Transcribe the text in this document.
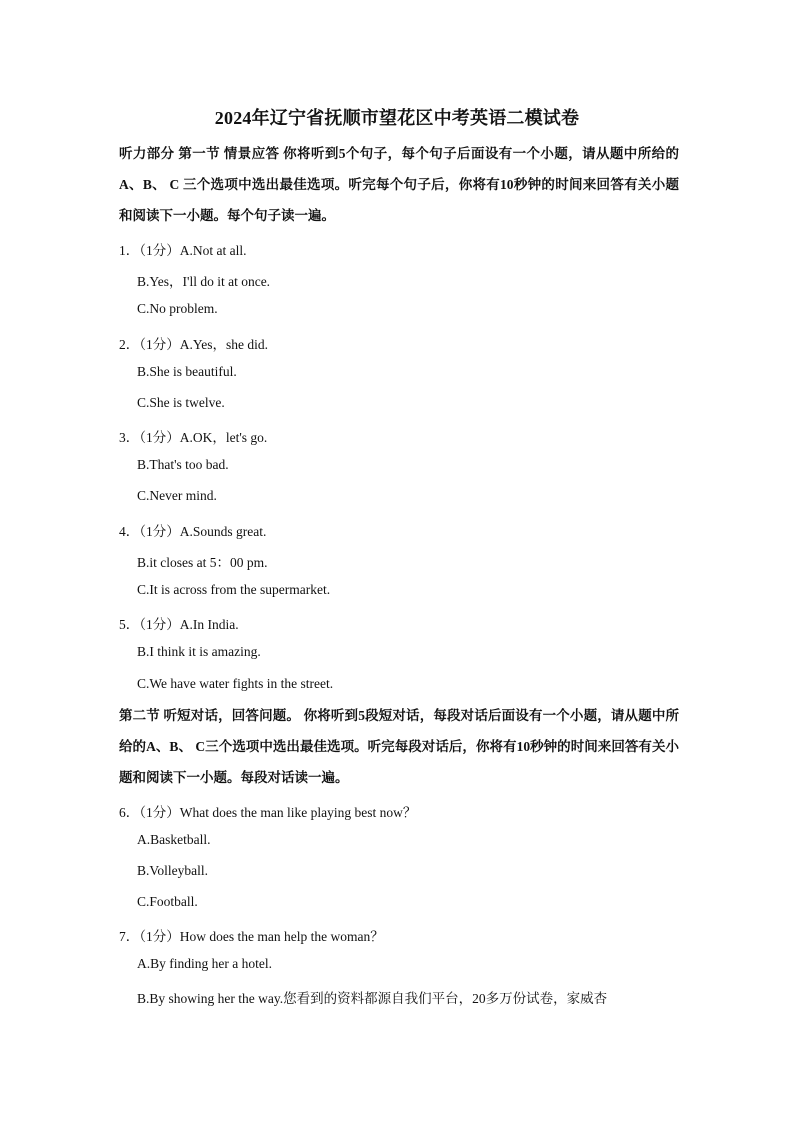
2024年辽宁省抚顺市望花区中考英语二模试卷
听力部分 第一节 情景应答 你将听到5个句子，每个句子后面设有一个小题，请从题中所给的A、B、 C 三个选项中选出最佳选项。听完每个句子后，你将有10秒钟的时间来回答有关小题和阅读下一小题。每个句子读一遍。
1．（1分）A.Not at all.
B.Yes，I'll do it at once.
C.No problem.
2．（1分）A.Yes，she did.
B.She is beautiful.
C.She is twelve.
3．（1分）A.OK，let's go.
B.That's too bad.
C.Never mind.
4．（1分）A.Sounds great.
B.it closes at 5：00 pm.
C.It is across from the supermarket.
5．（1分）A.In India.
B.I think it is amazing.
C.We have water fights in the street.
第二节 听短对话，回答问题。 你将听到5段短对话，每段对话后面设有一个小题，请从题中所给的A、B、 C三个选项中选出最佳选项。听完每段对话后，你将有10秒钟的时间来回答有关小题和阅读下一小题。每段对话读一遍。
6．（1分）What does the man like playing best now？
A.Basketball.
B.Volleyball.
C.Football.
7．（1分）How does the man help the woman？
A.By finding her a hotel.
B.By showing her the way.您看到的资料都源自我们平台，20多万份试卷，家威杏
